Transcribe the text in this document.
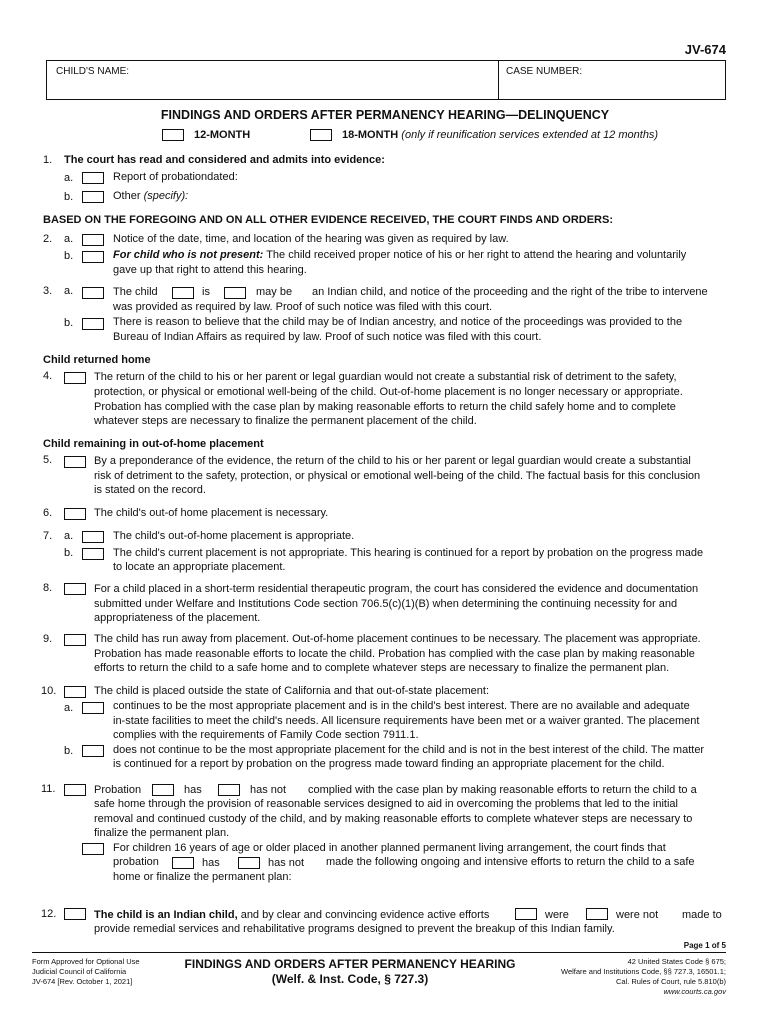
JV-674
CHILD'S NAME:	CASE NUMBER:
FINDINGS AND ORDERS AFTER PERMANENCY HEARING—DELINQUENCY
12-MONTH	18-MONTH (only if reunification services extended at 12 months)
1. The court has read and considered and admits into evidence:
a.	Report of probationdated:
b.	Other (specify):
BASED ON THE FOREGOING AND ON ALL OTHER EVIDENCE RECEIVED, THE COURT FINDS AND ORDERS:
2. a.	Notice of the date, time, and location of the hearing was given as required by law.
b.	For child who is not present: The child received proper notice of his or her right to attend the hearing and voluntarily
gave up that right to attend this hearing.
3. a.	The child	is	may be an Indian child, and notice of the proceeding and the right of the tribe to intervene
was provided as required by law. Proof of such notice was filed with this court.
b.	There is reason to believe that the child may be of Indian ancestry, and notice of the proceedings was provided to the
Bureau of Indian Affairs as required by law. Proof of such notice was filed with this court.
Child returned home
4.	The return of the child to his or her parent or legal guardian would not create a substantial risk of detriment to the safety,
protection, or physical or emotional well-being of the child. Out-of-home placement is no longer necessary or appropriate.
Probation has complied with the case plan by making reasonable efforts to return the child safely home and to complete
whatever steps are necessary to finalize the permanent placement of the child.
Child remaining in out-of-home placement
5.	By a preponderance of the evidence, the return of the child to his or her parent or legal guardian would create a substantial
risk of detriment to the safety, protection, or physical or emotional well-being of the child. The factual basis for this conclusion
is stated on the record.
6.	The child's out-of home placement is necessary.
7. a.	The child's out-of-home placement is appropriate.
b.	The child's current placement is not appropriate. This hearing is continued for a report by probation on the progress made
to locate an appropriate placement.
8.	For a child placed in a short-term residential therapeutic program, the court has considered the evidence and documentation
submitted under Welfare and Institutions Code section 706.5(c)(1)(B) when determining the continuing necessity for and
appropriateness of the placement.
9.	The child has run away from placement. Out-of-home placement continues to be necessary. The placement was appropriate.
Probation has made reasonable efforts to locate the child. Probation has complied with the case plan by making reasonable
efforts to return the child to a safe home and to complete whatever steps are necessary to finalize the permanent plan.
10.	The child is placed outside the state of California and that out-of-state placement:
a.	continues to be the most appropriate placement and is in the child's best interest. There are no available and adequate
in-state facilities to meet the child's needs. All licensure requirements have been met or a waiver granted. The placement
complies with the requirements of Family Code section 7911.1.
b.	does not continue to be the most appropriate placement for the child and is not in the best interest of the child. The matter
is continued for a report by probation on the progress made toward finding an appropriate placement for the child.
11.	Probation	has	has not complied with the case plan by making reasonable efforts to return the child to a
safe home through the provision of reasonable services designed to aid in overcoming the problems that led to the initial
removal and continued custody of the child, and by making reasonable efforts to complete whatever steps are necessary to
finalize the permanent plan.
For children 16 years of age or older placed in another planned permanent living arrangement, the court finds that
probation	has	has not made the following ongoing and intensive efforts to return the child to a safe
home or finalize the permanent plan:
12.	The child is an Indian child, and by clear and convincing evidence active efforts	were	were not made to
provide remedial services and rehabilitative programs designed to prevent the breakup of this Indian family.
Page 1 of 5
Form Approved for Optional Use
Judicial Council of California
JV-674 [Rev. October 1, 2021]
FINDINGS AND ORDERS AFTER PERMANENCY HEARING
(Welf. & Inst. Code, § 727.3)
42 United States Code § 675;
Welfare and Institutions Code, §§ 727.3, 16501.1;
Cal. Rules of Court, rule 5.810(b)
www.courts.ca.gov
